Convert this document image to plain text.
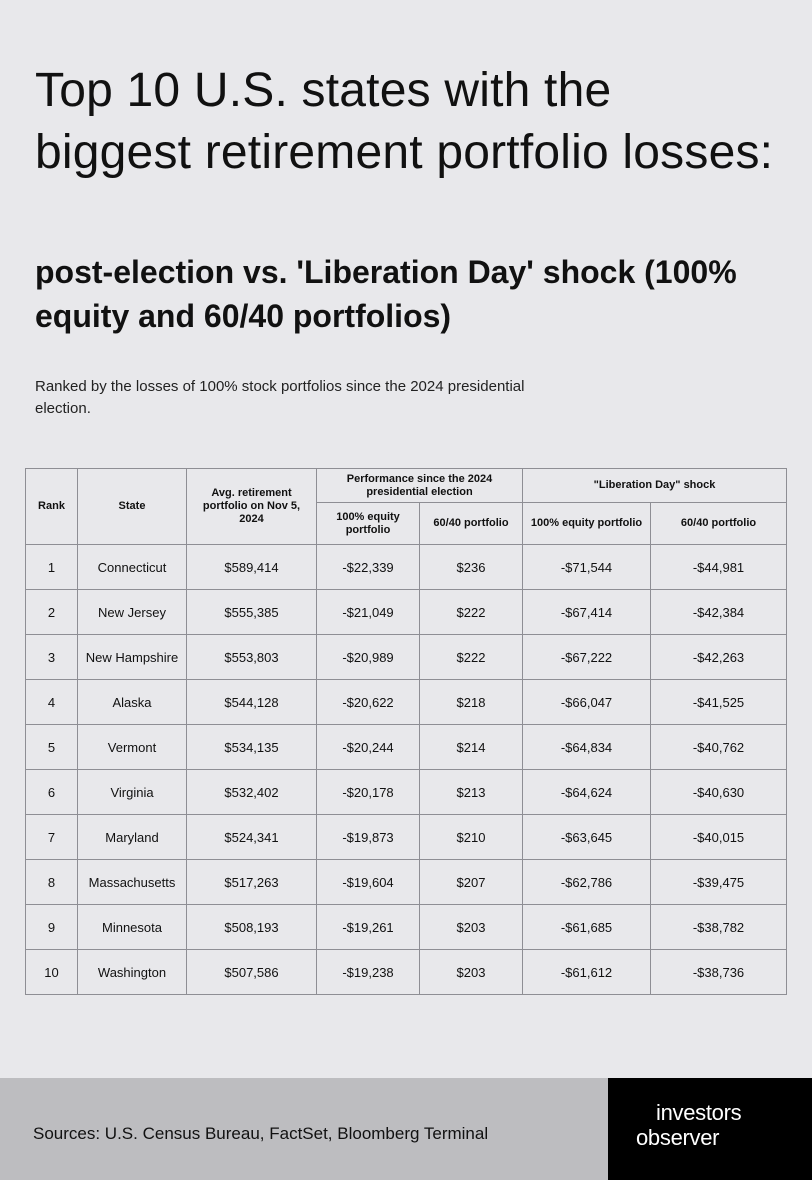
Top 10 U.S. states with the biggest retirement portfolio losses:
post-election vs. 'Liberation Day' shock (100% equity and 60/40 portfolios)

Ranked by the losses of 100% stock portfolios since the 2024 presidential election.

Rank	State	Avg. retirement portfolio on Nov 5, 2024	Performance since the 2024 presidential election		"Liberation Day" shock	
			100% equity portfolio	60/40 portfolio	100% equity portfolio	60/40 portfolio
1	Connecticut	$589,414	-$22,339	$236	-$71,544	-$44,981
2	New Jersey	$555,385	-$21,049	$222	-$67,414	-$42,384
3	New Hampshire	$553,803	-$20,989	$222	-$67,222	-$42,263
4	Alaska	$544,128	-$20,622	$218	-$66,047	-$41,525
5	Vermont	$534,135	-$20,244	$214	-$64,834	-$40,762
6	Virginia	$532,402	-$20,178	$213	-$64,624	-$40,630
7	Maryland	$524,341	-$19,873	$210	-$63,645	-$40,015
8	Massachusetts	$517,263	-$19,604	$207	-$62,786	-$39,475
9	Minnesota	$508,193	-$19,261	$203	-$61,685	-$38,782
10	Washington	$507,586	-$19,238	$203	-$61,612	-$38,736

Sources: U.S. Census Bureau, FactSet, Bloomberg Terminal

investors
observer
